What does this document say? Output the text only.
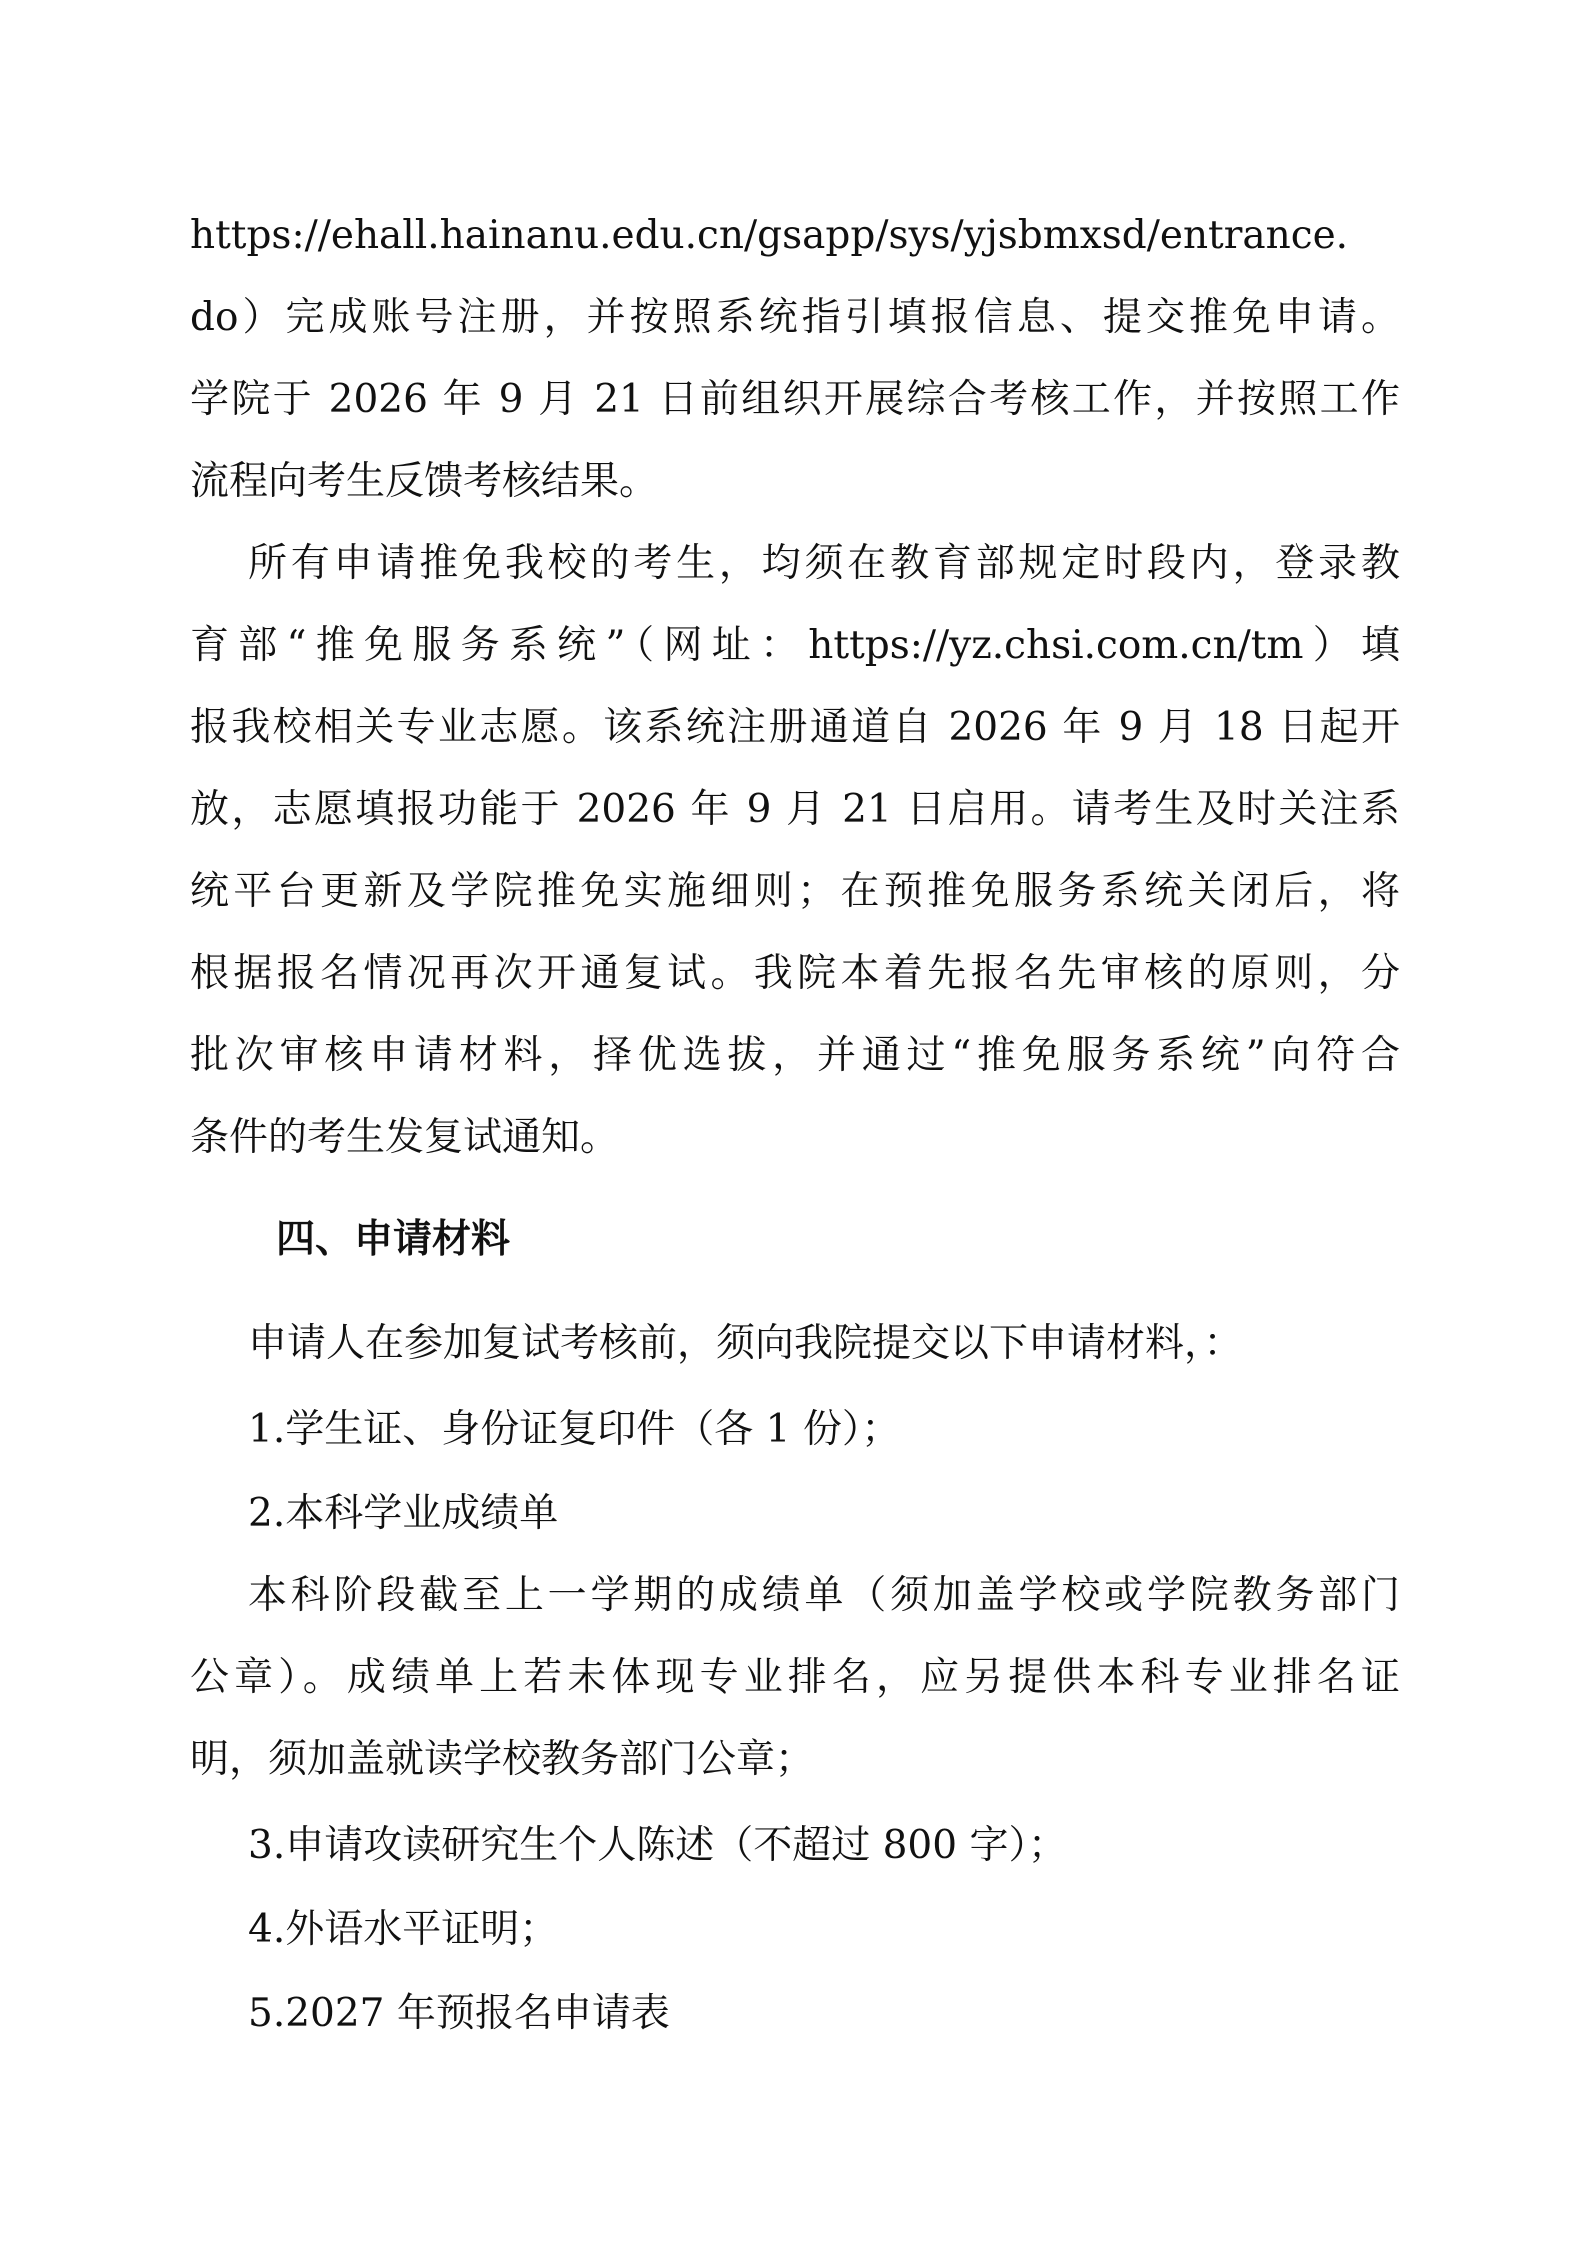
https://ehall.hainanu.edu.cn/gsapp/sys/yjsbmxsd/entrance.
do）完成账号注册，并按照系统指引填报信息、提交推免申请。
学院于 2026 年 9 月 21 日前组织开展综合考核工作，并按照工作
流程向考生反馈考核结果。
所有申请推免我校的考生，均须在教育部规定时段内，登录教
育部“推免服务系统”（网址：https://yz.chsi.com.cn/tm）填
报我校相关专业志愿。该系统注册通道自 2026 年 9 月 18 日起开
放，志愿填报功能于 2026 年 9 月 21 日启用。请考生及时关注系
统平台更新及学院推免实施细则；在预推免服务系统关闭后，将
根据报名情况再次开通复试。我院本着先报名先审核的原则，分
批次审核申请材料，择优选拔，并通过“推免服务系统”向符合
条件的考生发复试通知。
四、申请材料
申请人在参加复试考核前，须向我院提交以下申请材料，：
1.学生证、身份证复印件（各 1 份）；
2.本科学业成绩单
本科阶段截至上一学期的成绩单（须加盖学校或学院教务部门
公章）。成绩单上若未体现专业排名，应另提供本科专业排名证
明，须加盖就读学校教务部门公章；
3.申请攻读研究生个人陈述（不超过 800 字）；
4.外语水平证明；
5.2027 年预报名申请表
